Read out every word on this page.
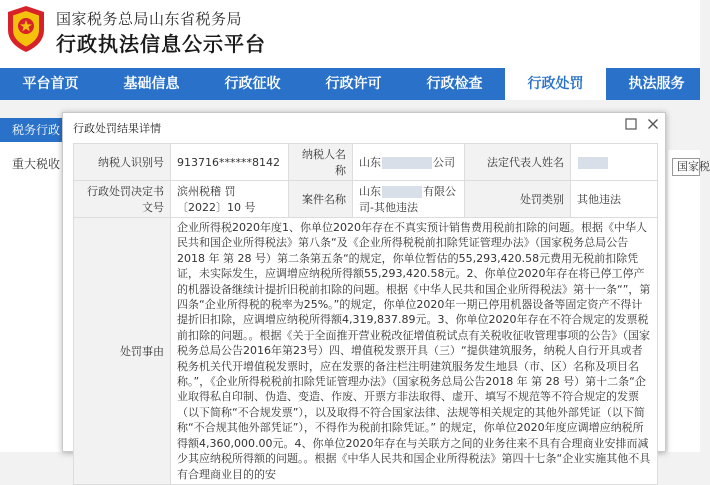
国家税务总局山东省税务局
行政执法信息公示平台
平台首页	基础信息	行政征收	行政许可	行政检查	行政处罚	执法服务
税务行政
重大税收	国家税
行政处罚结果详情
纳税人识别号	913716******8142	纳税人名称	山东 公司	法定代表人姓名	
行政处罚决定书文号	滨州税稽 罚 〔2022〕10 号	案件名称	山东 有限公司-其他违法	处罚类别	其他违法
处罚事由	企业所得税2020年度1、你单位2020年存在不真实预计销售费用税前扣除的问题。根据《中华人民共和国企业所得税法》第八条“及《企业所得税税前扣除凭证管理办法》（国家税务总局公告2018 年 第 28 号）第二条第五条“的规定，你单位暂估的55,293,420.58元费用无税前扣除凭证，未实际发生，应调增应纳税所得额55,293,420.58元。2、你单位2020年存在将已停工停产的机器设备继续计提折旧税前扣除的问题。根据《中华人民共和国企业所得税法》第十一条“”，第四条“企业所得税的税率为25%。”的规定，你单位2020年一期已停用机器设备等固定资产不得计提折旧扣除，应调增应纳税所得额4,319,837.89元。3、你单位2020年存在不符合规定的发票税前扣除的问题。。根据《关于全面推开营业税改征增值税试点有关税收征收管理事项的公告》（国家税务总局公告2016年第23号）四、增值税发票开具（三）“提供建筑服务，纳税人自行开具或者税务机关代开增值税发票时，应在发票的备注栏注明建筑服务发生地县（市、区）名称及项目名称。”，《企业所得税税前扣除凭证管理办法》（国家税务总局公告2018 年 第 28 号）第十二条“企业取得私自印制、伪造、变造、作废、开票方非法取得、虚开、填写不规范等不符合规定的发票（以下简称“不合规发票”），以及取得不符合国家法律、法规等相关规定的其他外部凭证（以下简称“不合规其他外部凭证”），不得作为税前扣除凭证。” 的规定，你单位2020年度应调增应纳税所得额4,360,000.00元。4、你单位2020年存在与关联方之间的业务往来不具有合理商业安排而减少其应纳税所得额的问题。。根据《中华人民共和国企业所得税法》第四十七条“企业实施其他不具有合理商业目的的安				
